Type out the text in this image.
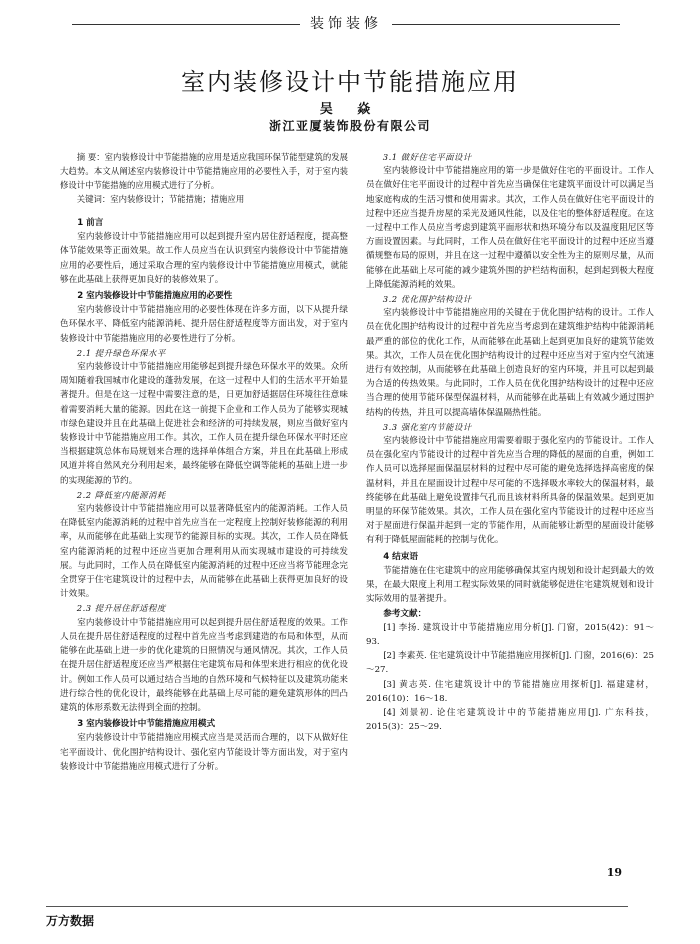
装饰装修
室内装修设计中节能措施应用
吴 焱
浙江亚厦装饰股份有限公司

摘 要：室内装修设计中节能措施的应用是适应我国环保节能型建筑的发展大趋势。本文从阐述室内装修设计中节能措施应用的必要性入手，对于室内装修设计中节能措施的应用模式进行了分析。

关键词：室内装修设计；节能措施；措施应用

1 前言

室内装修设计中节能措施应用可以起到提升室内居住舒适程度，提高整体节能效果等正面效果。故工作人员应当在认识到室内装修设计中节能措施应用的必要性后，通过采取合理的室内装修设计中节能措施应用模式，就能够在此基础上获得更加良好的装修效果了。

2 室内装修设计中节能措施应用的必要性

室内装修设计中节能措施应用的必要性体现在许多方面，以下从提升绿色环保水平、降低室内能源消耗、提升居住舒适程度等方面出发，对于室内装修设计中节能措施应用的必要性进行了分析。

2.1 提升绿色环保水平

室内装修设计中节能措施应用能够起到提升绿色环保水平的效果。众所周知随着我国城市化建设的蓬勃发展，在这一过程中人们的生活水平开始显著提升。但是在这一过程中需要注意的是，日更加舒适据居住环境往往意味着需要消耗大量的能源。因此在这一前提下企业和工作人员为了能够实现城市绿色建设并且在此基础上促进社会和经济的可持续发展，则应当做好室内装修设计中节能措施应用工作。其次，工作人员在提升绿色环保水平时还应当根据建筑总体布局规划来合理的选择单体组合方案，并且在此基础上形成风道并将自然风充分利用起来，最终能够在降低空调等能耗的基础上进一步的实现能源的节约。

2.2 降低室内能源消耗

室内装修设计中节能措施应用可以显著降低室内的能源消耗。工作人员在降低室内能源消耗的过程中首先应当在一定程度上控制好装修能源的利用率，从而能够在此基础上实现节约能源目标的实现。其次，工作人员在降低室内能源消耗的过程中还应当更加合理利用从而实现城市建设的可持续发展。与此同时，工作人员在降低室内能源消耗的过程中还应当将节能理念完全贯穿于住宅建筑设计的过程中去，从而能够在此基础上获得更加良好的设计效果。

2.3 提升居住舒适程度

室内装修设计中节能措施应用可以起到提升居住舒适程度的效果。工作人员在提升居住舒适程度的过程中首先应当考虑到建造的布局和体型，从而能够在此基础上进一步的优化建筑的日照情况与通风情况。其次，工作人员在提升居住舒适程度还应当严根据住宅建筑布局和体型来进行相应的优化设计。例如工作人员可以通过结合当地的自然环境和气候特征以及建筑功能来进行综合性的优化设计，最终能够在此基础上尽可能的避免建筑形体的凹凸建筑的体形系数无法得到全面的控制。

3 室内装修设计中节能措施应用模式

室内装修设计中节能措施应用模式应当是灵活而合理的，以下从做好住宅平面设计、优化围护结构设计、强化室内节能设计等方面出发，对于室内装修设计中节能措施应用模式进行了分析。

3.1 做好住宅平面设计

室内装修设计中节能措施应用的第一步是做好住宅的平面设计。工作人员在做好住宅平面设计的过程中首先应当确保住宅建筑平面设计可以满足当地家庭构成的生活习惯和使用需求。其次，工作人员在做好住宅平面设计的过程中还应当提升房屋的采光及通风性能，以及住宅的整体舒适程度。在这一过程中工作人员应当考虑到建筑平面形状和热环境分布以及温度阻尼区等方面设置因素。与此同时，工作人员在做好住宅平面设计的过程中还应当遵循规整布局的原则，并且在这一过程中遵循以安全性为主的原则尽量，从而能够在此基础上尽可能的减少建筑外围的护栏结构面积，起到起到极大程度上降低能源消耗的效果。

3.2 优化围护结构设计

室内装修设计中节能措施应用的关键在于优化围护结构的设计。工作人员在优化围护结构设计的过程中首先应当考虑到在建筑维护结构中能源消耗最严重的部位的优化工作，从而能够在此基础上起到更加良好的建筑节能效果。其次，工作人员在优化围护结构设计的过程中还应当对于室内空气流速进行有效控制，从而能够在此基础上创造良好的室内环境，并且可以起到最为合适的传热效果。与此同时，工作人员在优化围护结构设计的过程中还应当合理的使用节能环保型保温材料，从而能够在此基础上有效减少通过围护结构的传热，并且可以提高墙体保温隔热性能。

3.3 强化室内节能设计

室内装修设计中节能措施应用需要着眼于强化室内的节能设计。工作人员在强化室内节能设计的过程中首先应当合理的降低的屋面的自重，例如工作人员可以选择屋面保温层材料的过程中尽可能的避免选择选择高密度的保温材料，并且在屋面设计过程中尽可能的不选择吸水率较大的保温材料，最终能够在此基础上避免设置排气孔而且该材料所具备的保温效果。起到更加明显的环保节能效果。其次，工作人员在强化室内节能设计的过程中还应当对于屋面进行保温并起到一定的节能作用，从而能够让新型的屋面设计能够有利于降低屋面能耗的控制与优化。

4 结束语

节能措施在住宅建筑中的应用能够确保其室内规划和设计起到最大的效果，在最大限度上利用工程实际效果的同时就能够促进住宅建筑规划和设计实际效用的显著提升。

参考文献：

[1] 李扬. 建筑设计中节能措施应用分析[J]. 门窗，2015(42)：91～93.

[2] 李素英. 住宅建筑设计中节能措施应用探析[J]. 门窗，2016(6)：25～27.

[3] 黄志英. 住宅建筑设计中的节能措施应用探析[J]. 福建建材，2016(10)：16～18.

[4] 刘景初. 论住宅建筑设计中的节能措施应用[J]. 广东科技，2015(3)：25～29.

19
万方数据
